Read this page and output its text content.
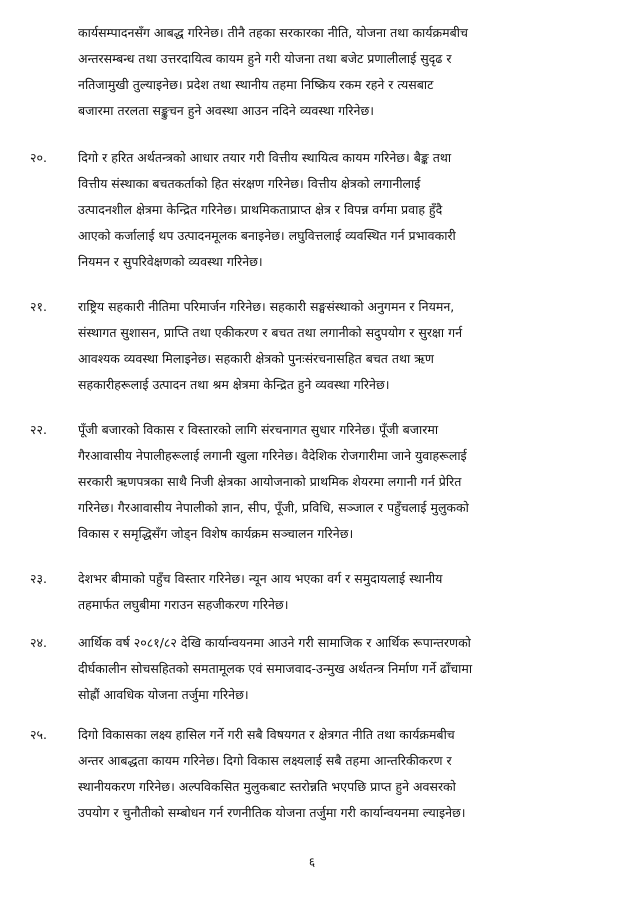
कार्यसम्पादनसँग आबद्ध गरिनेछ। तीनै तहका सरकारका नीति, योजना तथा कार्यक्रमबीच
अन्तरसम्बन्ध तथा उत्तरदायित्व कायम हुने गरी योजना तथा बजेट प्रणालीलाई सुदृढ र
नतिजामुखी तुल्याइनेछ। प्रदेश तथा स्थानीय तहमा निष्क्रिय रकम रहने र त्यसबाट
बजारमा तरलता सङ्कुचन हुने अवस्था आउन नदिने व्यवस्था गरिनेछ।
२०. दिगो र हरित अर्थतन्त्रको आधार तयार गरी वित्तीय स्थायित्व कायम गरिनेछ। बैङ्क तथा
वित्तीय संस्थाका बचतकर्ताको हित संरक्षण गरिनेछ। वित्तीय क्षेत्रको लगानीलाई
उत्पादनशील क्षेत्रमा केन्द्रित गरिनेछ। प्राथमिकताप्राप्त क्षेत्र र विपन्न वर्गमा प्रवाह हुँदै
आएको कर्जालाई थप उत्पादनमूलक बनाइनेछ। लघुवित्तलाई व्यवस्थित गर्न प्रभावकारी
नियमन र सुपरिवेक्षणको व्यवस्था गरिनेछ।
२१. राष्ट्रिय सहकारी नीतिमा परिमार्जन गरिनेछ। सहकारी सङ्घसंस्थाको अनुगमन र नियमन,
संस्थागत सुशासन, प्राप्ति तथा एकीकरण र बचत तथा लगानीको सदुपयोग र सुरक्षा गर्न
आवश्यक व्यवस्था मिलाइनेछ। सहकारी क्षेत्रको पुनःसंरचनासहित बचत तथा ऋण
सहकारीहरूलाई उत्पादन तथा श्रम क्षेत्रमा केन्द्रित हुने व्यवस्था गरिनेछ।
२२. पूँजी बजारको विकास र विस्तारको लागि संरचनागत सुधार गरिनेछ। पूँजी बजारमा
गैरआवासीय नेपालीहरूलाई लगानी खुला गरिनेछ। वैदेशिक रोजगारीमा जाने युवाहरूलाई
सरकारी ऋणपत्रका साथै निजी क्षेत्रका आयोजनाको प्राथमिक शेयरमा लगानी गर्न प्रेरित
गरिनेछ। गैरआवासीय नेपालीको ज्ञान, सीप, पूँजी, प्रविधि, सञ्जाल र पहुँचलाई मुलुकको
विकास र समृद्धिसँग जोड्न विशेष कार्यक्रम सञ्चालन गरिनेछ।
२३. देशभर बीमाको पहुँच विस्तार गरिनेछ। न्यून आय भएका वर्ग र समुदायलाई स्थानीय
तहमार्फत लघुबीमा गराउन सहजीकरण गरिनेछ।
२४. आर्थिक वर्ष २०८१/८२ देखि कार्यान्वयनमा आउने गरी सामाजिक र आर्थिक रूपान्तरणको
दीर्घकालीन सोचसहितको समतामूलक एवं समाजवाद-उन्मुख अर्थतन्त्र निर्माण गर्ने ढाँचामा
सोह्रौं आवधिक योजना तर्जुमा गरिनेछ।
२५. दिगो विकासका लक्ष्य हासिल गर्ने गरी सबै विषयगत र क्षेत्रगत नीति तथा कार्यक्रमबीच
अन्तर आबद्धता कायम गरिनेछ। दिगो विकास लक्ष्यलाई सबै तहमा आन्तरिकीकरण र
स्थानीयकरण गरिनेछ। अल्पविकसित मुलुकबाट स्तरोन्नति भएपछि प्राप्त हुने अवसरको
उपयोग र चुनौतीको सम्बोधन गर्न रणनीतिक योजना तर्जुमा गरी कार्यान्वयनमा ल्याइनेछ।
६
